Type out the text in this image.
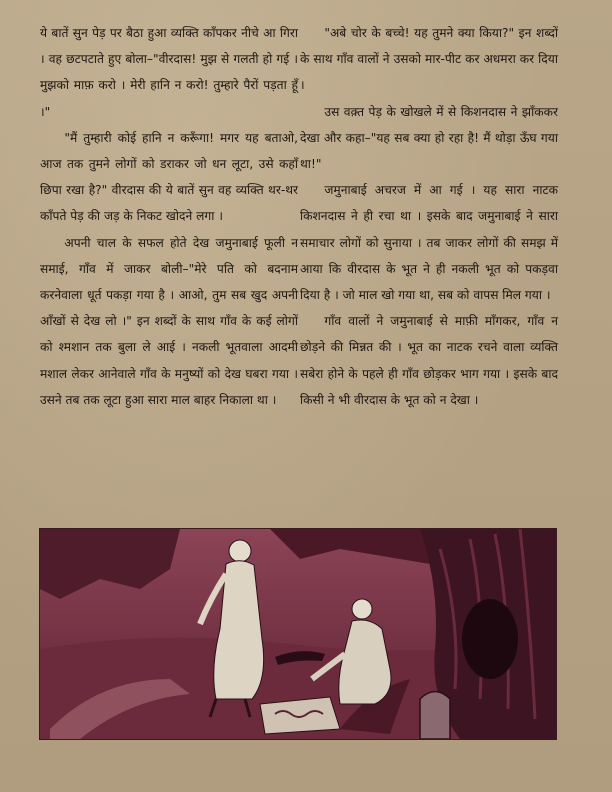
ये बातें सुन पेड़ पर बैठा हुआ व्यक्ति काँपकर नीचे आ गिरा । वह छटपटाते हुए बोला–"वीरदास! मुझ से गलती हो गई । मुझको माफ़ करो । मेरी हानि न करो! तुम्हारे पैरों पड़ता हूँ ।"

"मैं तुम्हारी कोई हानि न करूँगा! मगर यह बताओ, आज तक तुमने लोगों को डराकर जो धन लूटा, उसे कहाँ छिपा रखा है?" वीरदास की ये बातें सुन वह व्यक्ति थर-थर काँपते पेड़ की जड़ के निकट खोदने लगा ।

अपनी चाल के सफल होते देख जमुनाबाई फूली न समाई, गाँव में जाकर बोली–"मेरे पति को बदनाम करनेवाला धूर्त पकड़ा गया है । आओ, तुम सब खुद अपनी आँखों से देख लो ।" इन शब्दों के साथ गाँव के कई लोगों को श्मशान तक बुला ले आई । नकली भूतवाला आदमी मशाल लेकर आनेवाले गाँव के मनुष्यों को देख घबरा गया । उसने तब तक लूटा हुआ सारा माल बाहर निकाला था ।

"अबे चोर के बच्चे! यह तुमने क्या किया?" इन शब्दों के साथ गाँव वालों ने उसको मार-पीट कर अधमरा कर दिया ।

उस वक़्त पेड़ के खोखले में से किशनदास ने झाँककर देखा और कहा–"यह सब क्या हो रहा है! मैं थोड़ा ऊँघ गया था!"

जमुनाबाई अचरज में आ गई । यह सारा नाटक किशनदास ने ही रचा था । इसके बाद जमुनाबाई ने सारा समाचार लोगों को सुनाया । तब जाकर लोगों की समझ में आया कि वीरदास के भूत ने ही नकली भूत को पकड़वा दिया है । जो माल खो गया था, सब को वापस मिल गया ।

गाँव वालों ने जमुनाबाई से माफ़ी माँगकर, गाँव न छोड़ने की मिन्नत की । भूत का नाटक रचने वाला व्यक्ति सबेरा होने के पहले ही गाँव छोड़कर भाग गया । इसके बाद किसी ने भी वीरदास के भूत को न देखा ।
